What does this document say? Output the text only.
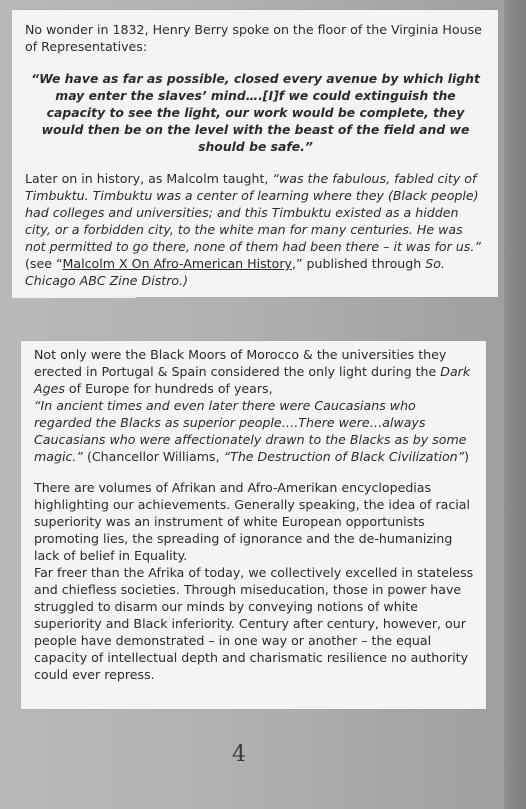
No wonder in 1832, Henry Berry spoke on the floor of the Virginia House of Representatives:

“We have as far as possible, closed every avenue by which light may enter the slaves’ mind….[I]f we could extinguish the capacity to see the light, our work would be complete, they would then be on the level with the beast of the field and we should be safe.”

Later on in history, as Malcolm taught, “was the fabulous, fabled city of Timbuktu. Timbuktu was a center of learning where they (Black people) had colleges and universities; and this Timbuktu existed as a hidden city, or a forbidden city, to the white man for many centuries. He was not permitted to go there, none of them had been there – it was for us.” (see “Malcolm X On Afro-American History,” published through So. Chicago ABC Zine Distro.)

Not only were the Black Moors of Morocco & the universities they erected in Portugal & Spain considered the only light during the Dark Ages of Europe for hundreds of years,
“In ancient times and even later there were Caucasians who regarded the Blacks as superior people….There were…always Caucasians who were affectionately drawn to the Blacks as by some magic.” (Chancellor Williams, “The Destruction of Black Civilization”)

There are volumes of Afrikan and Afro-Amerikan encyclopedias highlighting our achievements. Generally speaking, the idea of racial superiority was an instrument of white European opportunists promoting lies, the spreading of ignorance and the de-humanizing lack of belief in Equality.

Far freer than the Afrika of today, we collectively excelled in stateless and chiefless societies. Through miseducation, those in power have struggled to disarm our minds by conveying notions of white superiority and Black inferiority. Century after century, however, our people have demonstrated – in one way or another – the equal capacity of intellectual depth and charismatic resilience no authority could ever repress.

4
